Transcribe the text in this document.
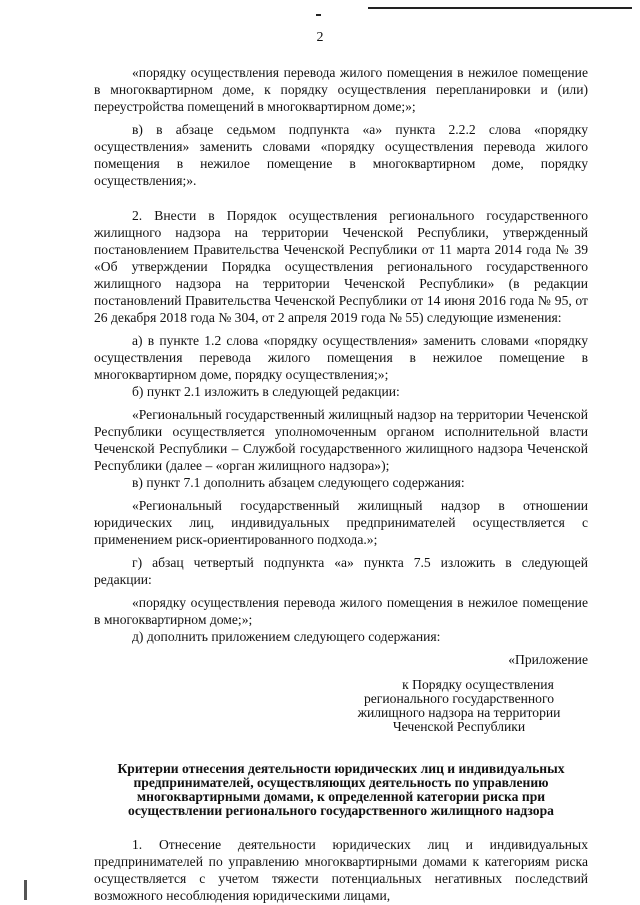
2

«порядку осуществления перевода жилого помещения в нежилое помещение в многоквартирном доме, к порядку осуществления перепланировки и (или) переустройства помещений в многоквартирном доме;»;

в) в абзаце седьмом подпункта «а» пункта 2.2.2 слова «порядку осуществления» заменить словами «порядку осуществления перевода жилого помещения в нежилое помещение в многоквартирном доме, порядку осуществления;».

2. Внести в Порядок осуществления регионального государственного жилищного надзора на территории Чеченской Республики, утвержденный постановлением Правительства Чеченской Республики от 11 марта 2014 года № 39 «Об утверждении Порядка осуществления регионального государственного жилищного надзора на территории Чеченской Республики» (в редакции постановлений Правительства Чеченской Республики от 14 июня 2016 года № 95, от 26 декабря 2018 года № 304, от 2 апреля 2019 года № 55) следующие изменения:

а) в пункте 1.2 слова «порядку осуществления» заменить словами «порядку осуществления перевода жилого помещения в нежилое помещение в многоквартирном доме, порядку осуществления;»;

б) пункт 2.1 изложить в следующей редакции:

«Региональный государственный жилищный надзор на территории Чеченской Республики осуществляется уполномоченным органом исполнительной власти Чеченской Республики – Службой государственного жилищного надзора Чеченской Республики (далее – «орган жилищного надзора»);

в) пункт 7.1 дополнить абзацем следующего содержания:

«Региональный государственный жилищный надзор в отношении юридических лиц, индивидуальных предпринимателей осуществляется с применением риск-ориентированного подхода.»;

г) абзац четвертый подпункта «а» пункта 7.5 изложить в следующей редакции:

«порядку осуществления перевода жилого помещения в нежилое помещение в многоквартирном доме;»;

д) дополнить приложением следующего содержания:

«Приложение

к Порядку осуществления регионального государственного жилищного надзора на территории Чеченской Республики

Критерии отнесения деятельности юридических лиц и индивидуальных предпринимателей, осуществляющих деятельность по управлению многоквартирными домами, к определенной категории риска при осуществлении регионального государственного жилищного надзора

1. Отнесение деятельности юридических лиц и индивидуальных предпринимателей по управлению многоквартирными домами к категориям риска осуществляется с учетом тяжести потенциальных негативных последствий возможного несоблюдения юридическими лицами,
